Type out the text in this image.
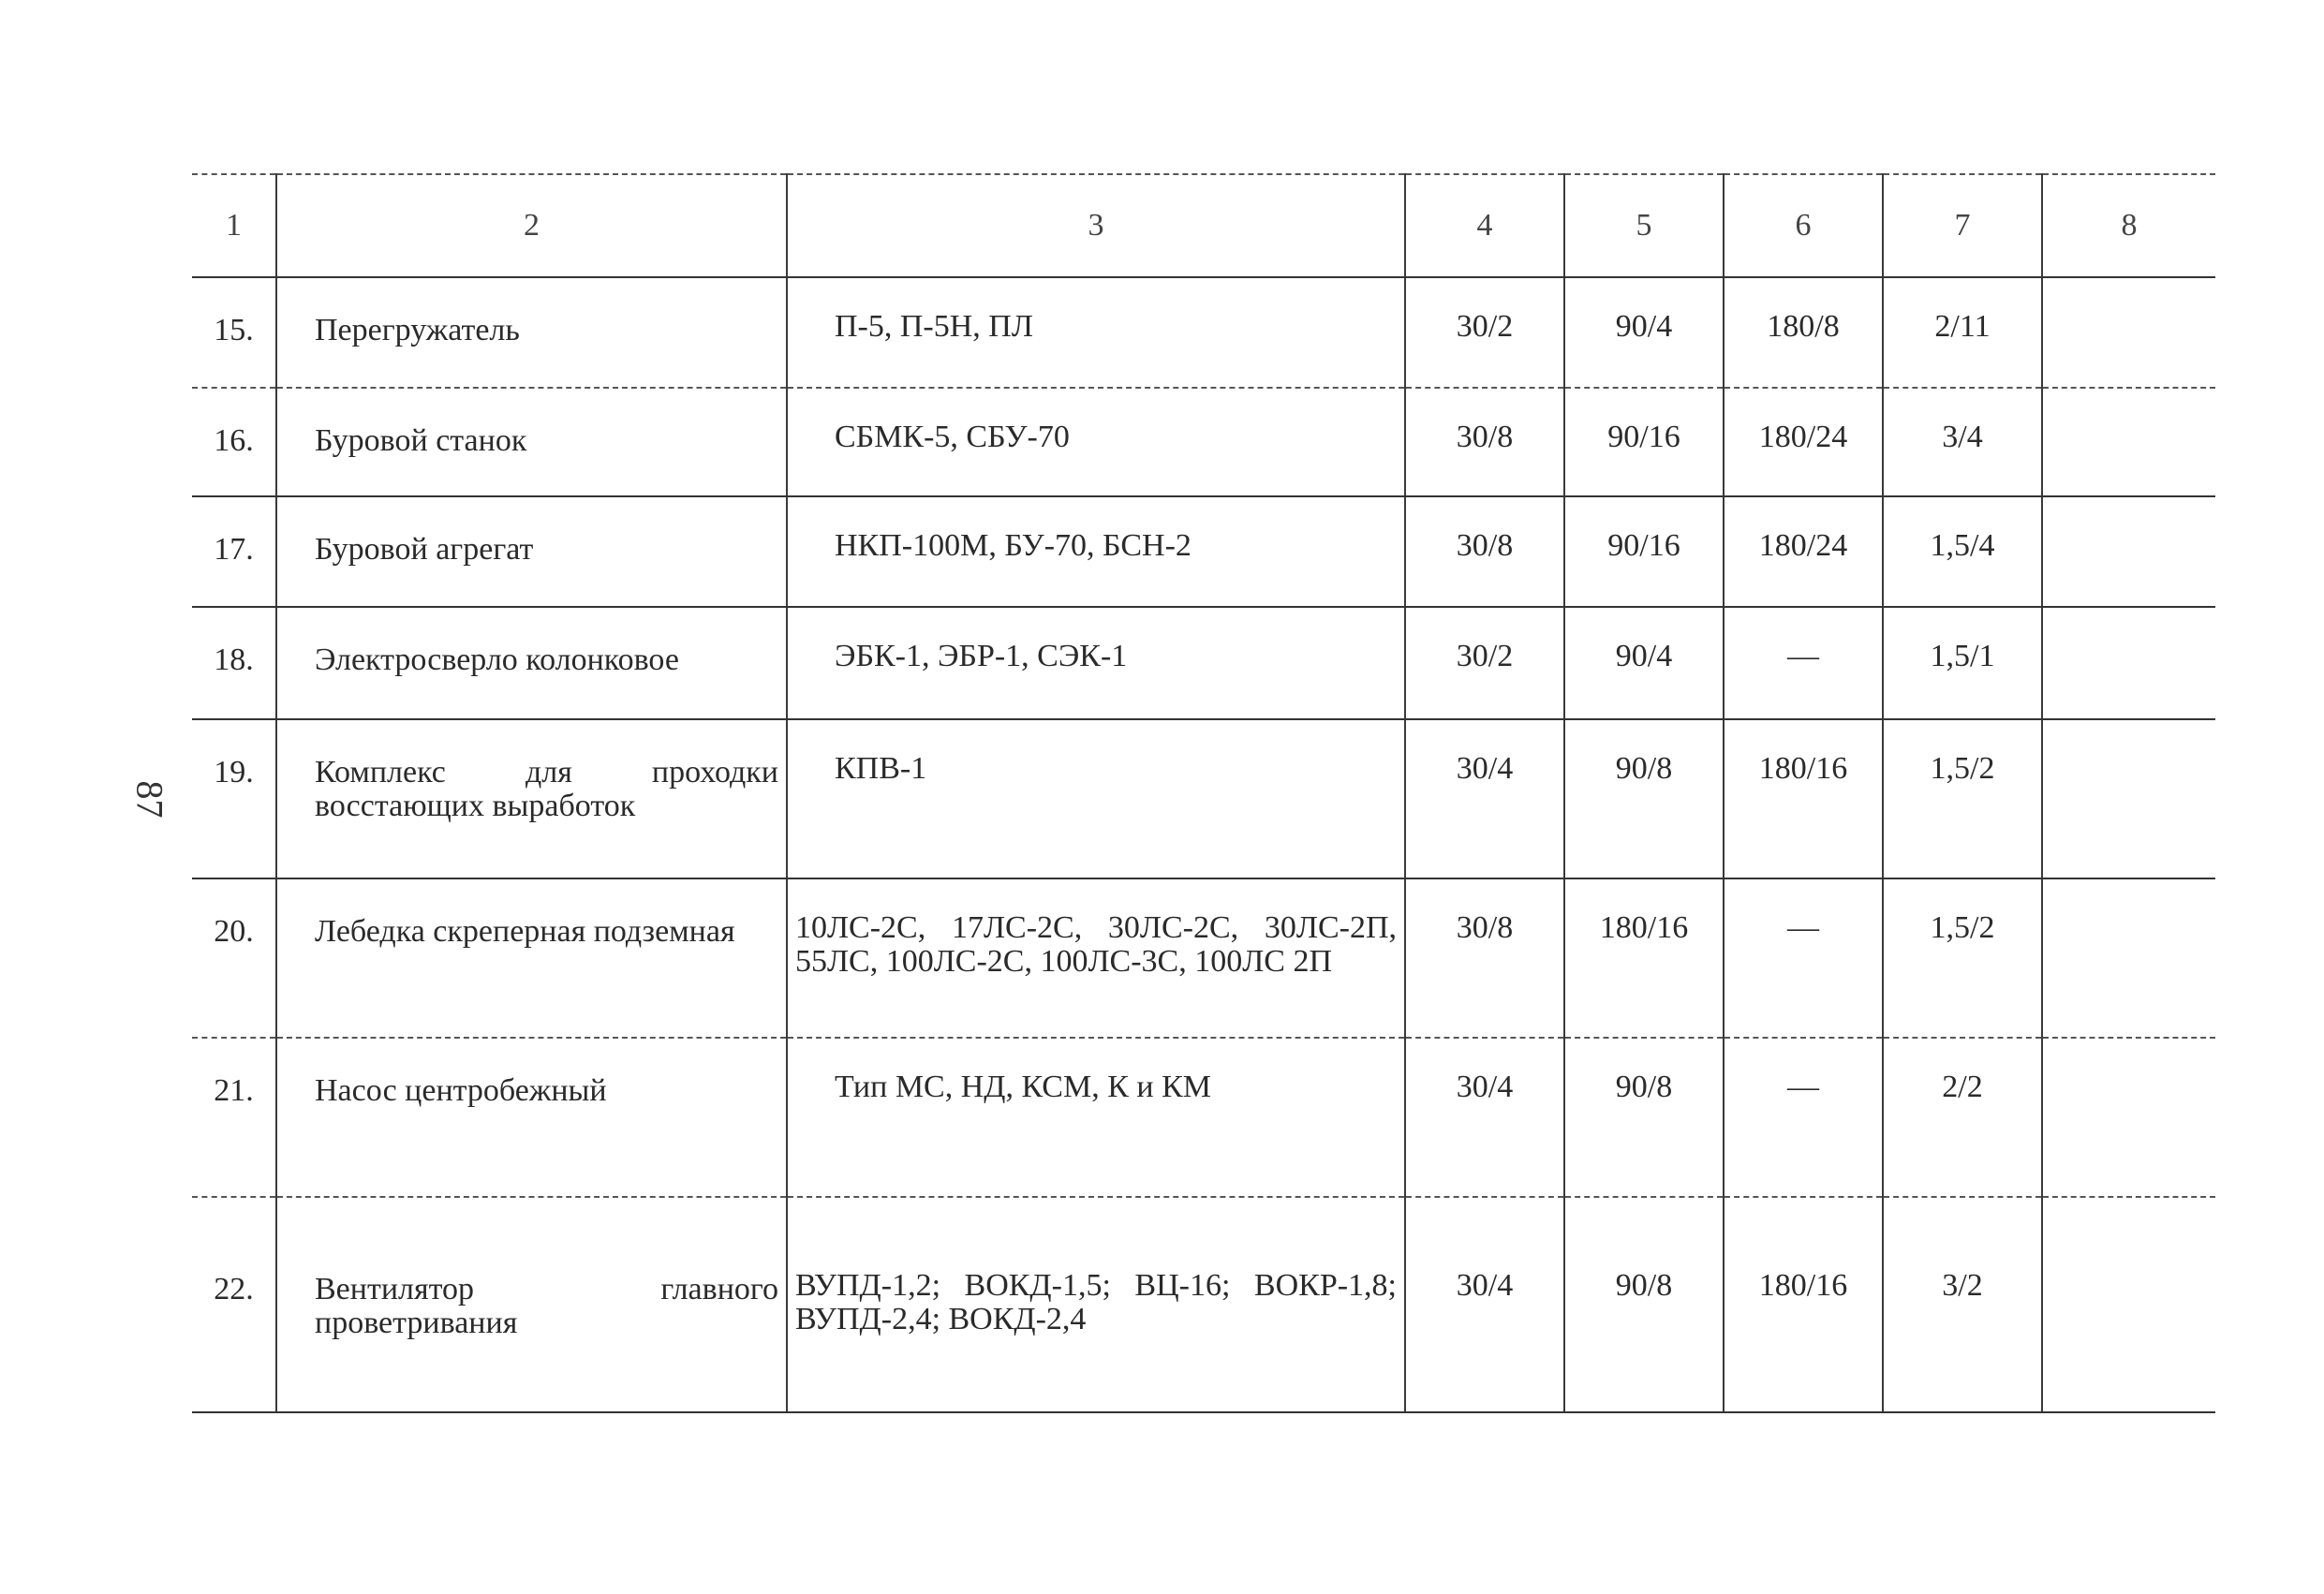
87
1	2	3	4	5	6	7	8
15.	Перегружатель	П-5, П-5Н, ПЛ	30/2	90/4	180/8	2/11	
16.	Буровой станок	СБМК-5, СБУ-70	30/8	90/16	180/24	3/4	
17.	Буровой агрегат	НКП-100М, БУ-70, БСН-2	30/8	90/16	180/24	1,5/4	
18.	Электросверло колонковое	ЭБК-1, ЭБР-1, СЭК-1	30/2	90/4	—	1,5/1	
19.	Комплекс для проходки восстающих выработок	КПВ-1	30/4	90/8	180/16	1,5/2	
20.	Лебедка скреперная подземная	10ЛС-2С, 17ЛС-2С, 30ЛС-2С, 30ЛС-2П, 55ЛС, 100ЛС-2С, 100ЛС-3С, 100ЛС 2П	30/8	180/16	—	1,5/2	
21.	Насос центробежный	Тип МС, НД, КСМ, К и КМ	30/4	90/8	—	2/2	
22.	Вентилятор главного проветривания	ВУПД-1,2; ВОКД-1,5; ВЦ-16; ВОКР-1,8; ВУПД-2,4; ВОКД-2,4	30/4	90/8	180/16	3/2	
